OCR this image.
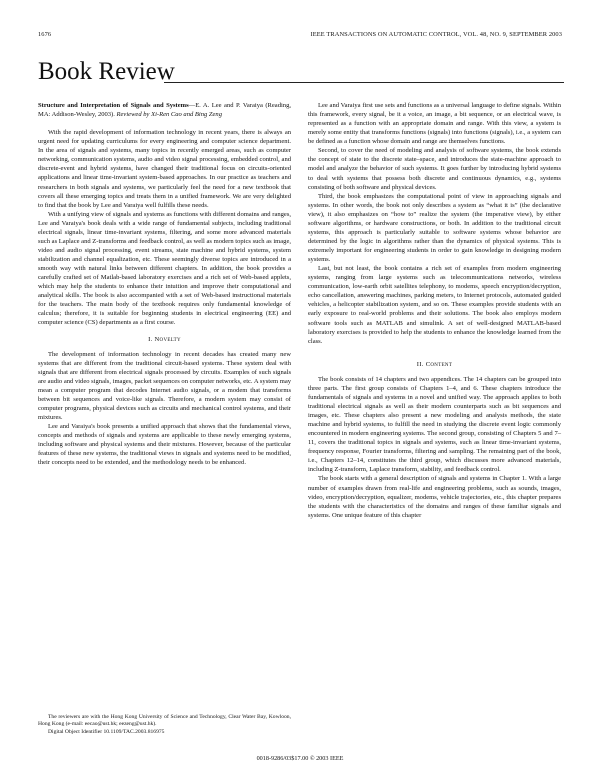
1676	IEEE TRANSACTIONS ON AUTOMATIC CONTROL, VOL. 48, NO. 9, SEPTEMBER 2003
Book Review

Structure and Interpretation of Signals and Systems—E. A. Lee and P. Varaiya (Reading, MA: Addison-Wesley, 2003). Reviewed by Xi-Ren Cao and Bing Zeng

With the rapid development of information technology in recent years, there is always an urgent need for updating curriculums for every engineering and computer science department. In the area of signals and systems, many topics in recently emerged areas, such as computer networking, communication systems, audio and video signal processing, embedded control, and discrete-event and hybrid systems, have changed their traditional focus on circuits-oriented applications and linear time-invariant system-based approaches. In our practice as teachers and researchers in both signals and systems, we particularly feel the need for a new textbook that covers all these emerging topics and treats them in a unified framework. We are very delighted to find that the book by Lee and Varaiya well fulfills these needs.

With a unifying view of signals and systems as functions with different domains and ranges, Lee and Varaiya's book deals with a wide range of fundamental subjects, including traditional electrical signals, linear time-invariant systems, filtering, and some more advanced materials such as Laplace and Z-transforms and feedback control, as well as modern topics such as image, video and audio signal processing, event streams, state machine and hybrid systems, system stabilization and channel equalization, etc. These seemingly diverse topics are introduced in a smooth way with natural links between different chapters. In addition, the book provides a carefully crafted set of Matlab-based laboratory exercises and a rich set of Web-based applets, which may help the students to enhance their intuition and improve their computational and analytical skills. The book is also accompanied with a set of Web-based instructional materials for the teachers. The main body of the textbook requires only fundamental knowledge of calculus; therefore, it is suitable for beginning students in electrical engineering (EE) and computer science (CS) departments as a first course.

I. Novelty

The development of information technology in recent decades has created many new systems that are different from the traditional circuit-based systems. These system deal with signals that are different from electrical signals processed by circuits. Examples of such signals are audio and video signals, images, packet sequences on computer networks, etc. A system may mean a computer program that decodes Internet audio signals, or a modem that transforms between bit sequences and voice-like signals. Therefore, a modern system may consist of computer programs, physical devices such as circuits and mechanical control systems, and their mixtures.

Lee and Varaiya's book presents a unified approach that shows that the fundamental views, concepts and methods of signals and systems are applicable to these newly emerging systems, including software and physical systems and their mixtures. However, because of the particular features of these new systems, the traditional views in signals and systems need to be modified, their concepts need to be extended, and the methodology needs to be enhanced.

The reviewers are with the Hong Kong University of Science and Technology, Clear Water Bay, Kowloon, Hong Kong (e-mail: eecao@ust.hk; eezeng@ust.hk).

Digital Object Identifier 10.1109/TAC.2003.816975

Lee and Varaiya first use sets and functions as a universal language to define signals. Within this framework, every signal, be it a voice, an image, a bit sequence, or an electrical wave, is represented as a function with an appropriate domain and range. With this view, a system is merely some entity that transforms functions (signals) into functions (signals), i.e., a system can be defined as a function whose domain and range are themselves functions.

Second, to cover the need of modeling and analysis of software systems, the book extends the concept of state to the discrete state–space, and introduces the state-machine approach to model and analyze the behavior of such systems. It goes further by introducing hybrid systems to deal with systems that possess both discrete and continuous dynamics, e.g., systems consisting of both software and physical devices.

Third, the book emphasizes the computational point of view in approaching signals and systems. In other words, the book not only describes a system as “what it is” (the declarative view), it also emphasizes on “how to” realize the system (the imperative view), by either software algorithms, or hardware constructions, or both. In addition to the traditional circuit systems, this approach is particularly suitable to software systems whose behavior are determined by the logic in algorithms rather than the dynamics of physical systems. This is extremely important for engineering students in order to gain knowledge in designing modern systems.

Last, but not least, the book contains a rich set of examples from modern engineering systems, ranging from large systems such as telecommunications networks, wireless communication, low-earth orbit satellites telephony, to modems, speech encryption/decryption, echo cancellation, answering machines, parking meters, to Internet protocols, automated guided vehicles, a helicopter stabilization system, and so on. These examples provide students with an early exposure to real-world problems and their solutions. The book also employs modern software tools such as MATLAB and simulink. A set of well-designed MATLAB-based laboratory exercises is provided to help the students to enhance the knowledge learned from the class.

II. Content

The book consists of 14 chapters and two appendices. The 14 chapters can be grouped into three parts. The first group consists of Chapters 1–4, and 6. These chapters introduce the fundamentals of signals and systems in a novel and unified way. The approach applies to both traditional electrical signals as well as their modern counterparts such as bit sequences and images, etc. These chapters also present a new modeling and analysis methods, the state machine and hybrid systems, to fulfill the need in studying the discrete event logic commonly encountered in modern engineering systems. The second group, consisting of Chapters 5 and 7–11, covers the traditional topics in signals and systems, such as linear time-invariant systems, frequency response, Fourier transforms, filtering and sampling. The remaining part of the book, i.e., Chapters 12–14, constitutes the third group, which discusses more advanced materials, including Z-transform, Laplace transform, stability, and feedback control.

The book starts with a general description of signals and systems in Chapter 1. With a large number of examples drawn from real-life and engineering problems, such as sounds, images, video, encryption/decryption, equalizer, modems, vehicle trajectories, etc., this chapter prepares the students with the characteristics of the domains and ranges of these familiar signals and systems. One unique feature of this chapter

0018-9286/03$17.00 © 2003 IEEE
